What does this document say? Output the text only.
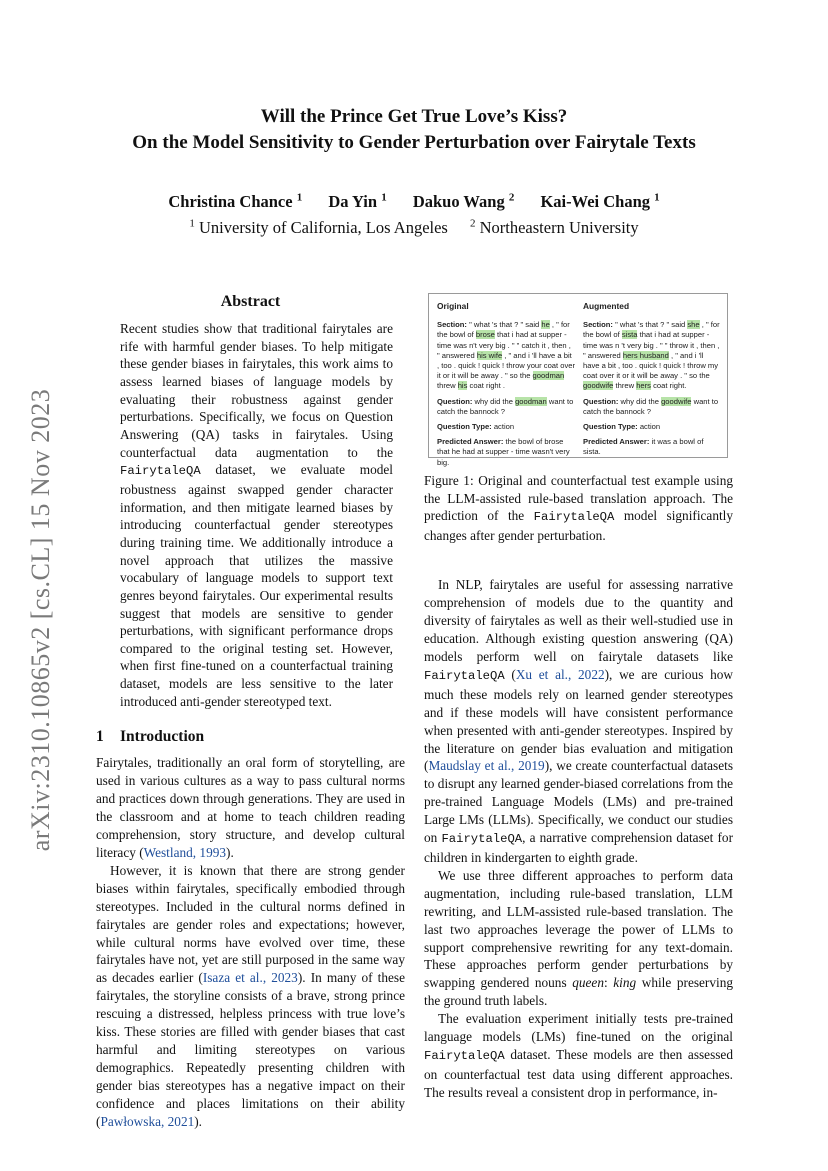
arXiv:2310.10865v2 [cs.CL] 15 Nov 2023
Will the Prince Get True Love’s Kiss?
On the Model Sensitivity to Gender Perturbation over Fairytale Texts
Christina Chance $^1$ Da Yin $^1$ Dakuo Wang $^2$ Kai-Wei Chang $^1$
$^1$ University of California, Los Angeles $^2$ Northeastern University
Abstract

Recent studies show that traditional fairytales are rife with harmful gender biases. To help mitigate these gender biases in fairytales, this work aims to assess learned biases of language models by evaluating their robustness against gender perturbations. Specifically, we focus on Question Answering (QA) tasks in fairytales. Using counterfactual data augmentation to the FairytaleQA dataset, we evaluate model robustness against swapped gender character information, and then mitigate learned biases by introducing counterfactual gender stereotypes during training time. We additionally introduce a novel approach that utilizes the massive vocabulary of language models to support text genres beyond fairytales. Our experimental results suggest that models are sensitive to gender perturbations, with significant performance drops compared to the original testing set. However, when first fine-tuned on a counterfactual training dataset, models are less sensitive to the later introduced anti-gender stereotyped text.

1 Introduction

Fairytales, traditionally an oral form of storytelling, are used in various cultures as a way to pass cultural norms and practices down through generations. They are used in the classroom and at home to teach children reading comprehension, story structure, and develop cultural literacy (Westland, 1993).

However, it is known that there are strong gender biases within fairytales, specifically embodied through stereotypes. Included in the cultural norms defined in fairytales are gender roles and expectations; however, while cultural norms have evolved over time, these fairytales have not, yet are still purposed in the same way as decades earlier (Isaza et al., 2023). In many of these fairytales, the storyline consists of a brave, strong prince rescuing a distressed, helpless princess with true love’s kiss. These stories are filled with gender biases that cast harmful and limiting stereotypes on various demographics. Repeatedly presenting children with gender bias stereotypes has a negative impact on their confidence and places limitations on their ability (Pawłowska, 2021).

Original
Section: " what 's that ? " said he , " for the bowl of brose that i had at supper - time was n't very big . " " catch it , then , " answered his wife , " and i 'll have a bit , too . quick ! quick ! throw your coat over it or it will be away . " so the goodman threw his coat right .
Question: why did the goodman want to catch the bannock ?
Question Type: action
Predicted Answer: the bowl of brose that he had at supper - time wasn't very big.
Augmented
Section: " what 's that ? " said she , " for the bowl of sista that i had at supper - time was n 't very big . " " throw it , then , " answered hers husband , " and i 'll have a bit , too . quick ! quick ! throw my coat over it or it will be away . " so the goodwife threw hers coat right.
Question: why did the goodwife want to catch the bannock ?
Question Type: action
Predicted Answer: it was a bowl of sista.

Figure 1: Original and counterfactual test example using the LLM-assisted rule-based translation approach. The prediction of the FairytaleQA model significantly changes after gender perturbation.

In NLP, fairytales are useful for assessing narrative comprehension of models due to the quantity and diversity of fairytales as well as their well-studied use in education. Although existing question answering (QA) models perform well on fairytale datasets like FairytaleQA (Xu et al., 2022), we are curious how much these models rely on learned gender stereotypes and if these models will have consistent performance when presented with anti-gender stereotypes. Inspired by the literature on gender bias evaluation and mitigation (Maudslay et al., 2019), we create counterfactual datasets to disrupt any learned gender-biased correlations from the pre-trained Language Models (LMs) and pre-trained Large LMs (LLMs). Specifically, we conduct our studies on FairytaleQA, a narrative comprehension dataset for children in kindergarten to eighth grade.

We use three different approaches to perform data augmentation, including rule-based translation, LLM rewriting, and LLM-assisted rule-based translation. The last two approaches leverage the power of LLMs to support comprehensive rewriting for any text-domain. These approaches perform gender perturbations by swapping gendered nouns queen: king while preserving the ground truth labels.

The evaluation experiment initially tests pre-trained language models (LMs) fine-tuned on the original FairytaleQA dataset. These models are then assessed on counterfactual test data using different approaches. The results reveal a consistent drop in performance, in-
